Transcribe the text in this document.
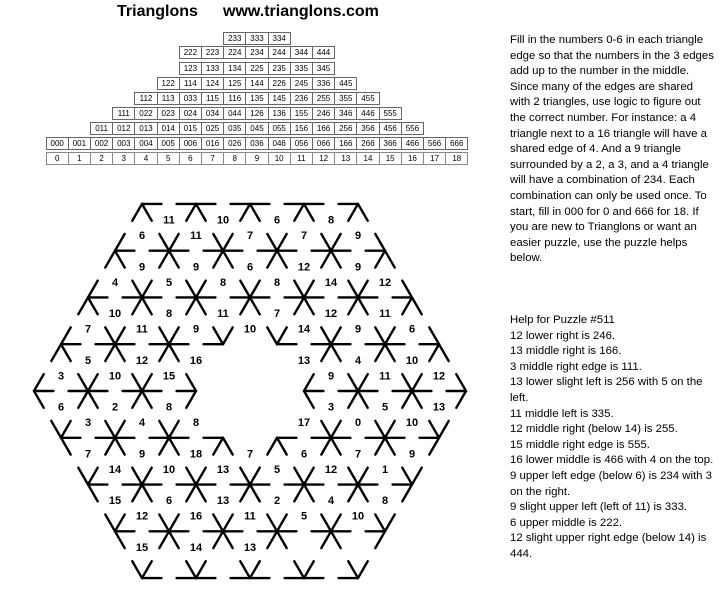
Trianglons www.trianglons.com
233	333	334
222	223	224	234	244	344	444
123	133	134	225	235	335	345
122	114	124	125	144	226	245	336	445
112	113	033	115	116	135	145	236	255	355	455
111	022	023	024	034	044	126	136	155	246	346	446	555
011	012	013	014	015	025	035	045	055	156	166	256	356	456	556
000	001	002	003	004	005	006	016	026	036	046	056	066	166	266	366	466	566	666
0	1	2	3	4	5	6	7	8	9	10	11	12	13	14	15	16	17	18
11	10	6	8
6	11	7	7	9
9	9	6	12	9
4	5	8	8	14	12
10	8	11	7	12	11
7	11	9	10	14	9	6
5	12	16	13	4	10
3	10	15	9	11	12
6	2	8	3	5	13
3	4	8	17	0	10
7	9	18	7	6	7	9
14	10	13	5	12	1
15	6	13	2	4	8
12	16	11	5	10
15	14	13
Fill in the numbers 0-6 in each triangle edge so that the numbers in the 3 edges add up to the number in the middle. Since many of the edges are shared with 2 triangles, use logic to figure out the correct number. For instance: a 4 triangle next to a 16 triangle will have a shared edge of 4. And a 9 triangle surrounded by a 2, a 3, and a 4 triangle will have a combination of 234. Each combination can only be used once. To start, fill in 000 for 0 and 666 for 18. If you are new to Trianglons or want an easier puzzle, use the puzzle helps below.
Help for Puzzle #511
12 lower right is 246.
13 middle right is 166.
3 middle right edge is 111.
13 lower slight left is 256 with 5 on the left.
11 middle left is 335.
12 middle right (below 14) is 255.
15 middle right edge is 555.
16 lower middle is 466 with 4 on the top.
9 upper left edge (below 6) is 234 with 3 on the right.
9 slight upper left (left of 11) is 333.
6 upper middle is 222.
12 slight upper right edge (below 14) is 444.
